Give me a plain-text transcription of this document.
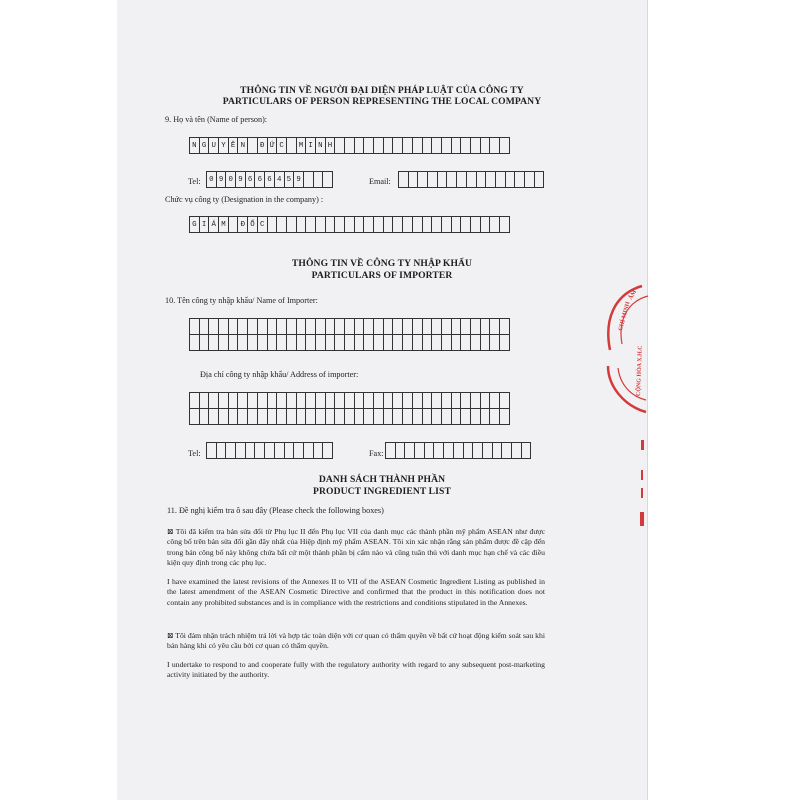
THÔNG TIN VỀ NGƯỜI ĐẠI DIỆN PHÁP LUẬT CỦA CÔNG TY
PARTICULARS OF PERSON REPRESENTING THE LOCAL COMPANY
9. Họ và tên (Name of person):
N G U Y Ê N	Đ Ứ C	M I N H
Tel:	0 9 0 9 6 6 6 4 5 9	Email:
Chức vụ công ty (Designation in the company) :
G I Á M	Đ Ố C
THÔNG TIN VỀ CÔNG TY NHẬP KHẨU
PARTICULARS OF IMPORTER
10. Tên công ty nhập khẩu/ Name of Importer:
Địa chỉ công ty nhập khẩu/ Address of importer:
Tel:	Fax:
DANH SÁCH THÀNH PHẦN
PRODUCT INGREDIENT LIST
11. Đề nghị kiểm tra ô sau đây (Please check the following boxes)
⊠ Tôi đã kiểm tra bản sửa đổi từ Phụ lục II đến Phụ lục VII của danh mục các thành phần mỹ phẩm ASEAN như được công bố trên bản sửa đổi gần đây nhất của Hiệp định mỹ phẩm ASEAN. Tôi xin xác nhận rằng sản phẩm được đề cập đến trong bản công bố này không chứa bất cứ một thành phần bị cấm nào và cũng tuân thủ với danh mục hạn chế và các điều kiện quy định trong các phụ lục.
I have examined the latest revisions of the Annexes II to VII of the ASEAN Cosmetic Ingredient Listing as published in the latest amendment of the ASEAN Cosmetic Directive and confirmed that the product in this notification does not contain any prohibited substances and is in compliance with the restrictions and conditions stipulated in the Annexes.
⊠ Tôi đảm nhận trách nhiệm trả lời và hợp tác toàn diện với cơ quan có thẩm quyền về bất cứ hoạt động kiểm soát sau khi bán hàng khi có yêu cầu bởi cơ quan có thẩm quyền.
I undertake to respond to and cooperate fully with the regulatory authority with regard to any subsequent post-marketing activity initiated by the authority.
CHÍ MINH
CỘNG HÒA X.H.C
ÂM
